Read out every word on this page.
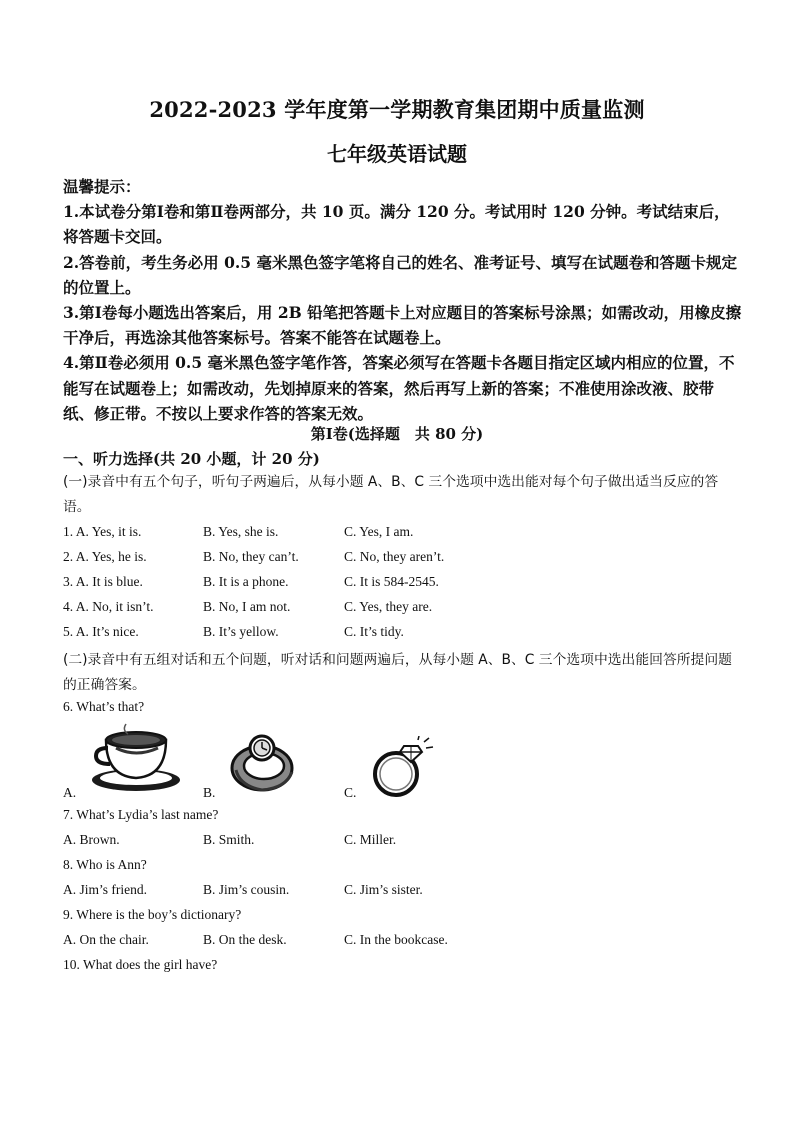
2022-2023 学年度第一学期教育集团期中质量监测
七年级英语试题

温馨提示：

1.本试卷分第Ⅰ卷和第Ⅱ卷两部分，共 10 页。满分 120 分。考试用时 120 分钟。考试结束后，将答题卡交回。

2.答卷前，考生务必用 0.5 毫米黑色签字笔将自己的姓名、准考证号、填写在试题卷和答题卡规定的位置上。

3.第Ⅰ卷每小题选出答案后，用 2B 铅笔把答题卡上对应题目的答案标号涂黑；如需改动，用橡皮擦干净后，再选涂其他答案标号。答案不能答在试题卷上。

4.第Ⅱ卷必须用 0.5 毫米黑色签字笔作答，答案必须写在答题卡各题目指定区域内相应的位置，不能写在试题卷上；如需改动，先划掉原来的答案，然后再写上新的答案；不准使用涂改液、胶带纸、修正带。不按以上要求作答的答案无效。

第Ⅰ卷(选择题　共 80 分)
一、听力选择(共 20 小题，计 20 分)
(一)录音中有五个句子，听句子两遍后，从每小题 A、B、C 三个选项中选出能对每个句子做出适当反应的答语。
1. A. Yes, it is.	B. Yes, she is.	C. Yes, I am.
2. A. Yes, he is.	B. No, they can’t.	C. No, they aren’t.
3. A. It is blue.	B. It is a phone.	C. It is 584-2545.
4. A. No, it isn’t.	B. No, I am not.	C. Yes, they are.
5. A. It’s nice.	B. It’s yellow.	C. It’s tidy.
(二)录音中有五组对话和五个问题，听对话和问题两遍后，从每小题 A、B、C 三个选项中选出能回答所提问题的正确答案。
6. What’s that?
A.	B.	C.
7. What’s Lydia’s last name?
A. Brown.	B. Smith.	C. Miller.
8. Who is Ann?
A. Jim’s friend.	B. Jim’s cousin.	C. Jim’s sister.
9. Where is the boy’s dictionary?
A. On the chair.	B. On the desk.	C. In the bookcase.
10. What does the girl have?
